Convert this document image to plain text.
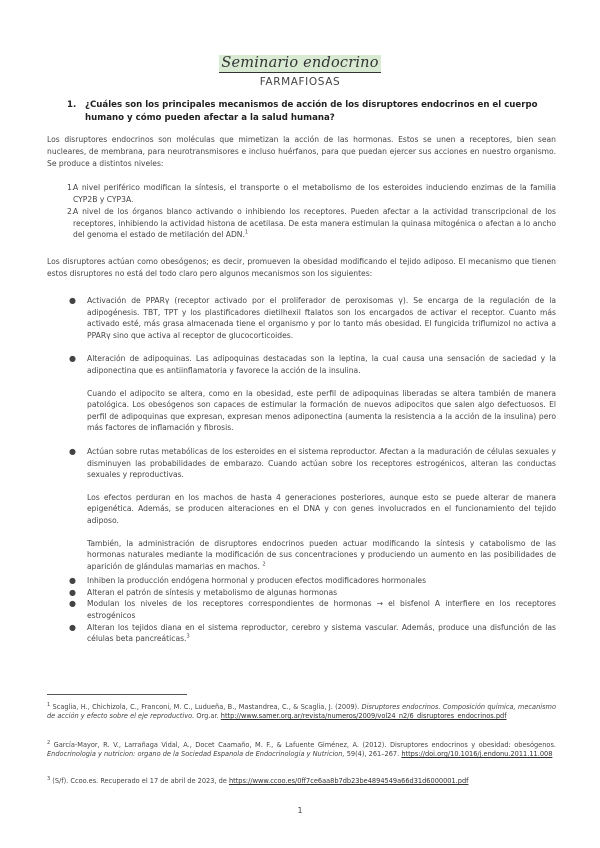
Seminario endocrino
FARMAFIOSAS
1. ¿Cuáles son los principales mecanismos de acción de los disruptores endocrinos en el cuerpo humano y cómo pueden afectar a la salud humana?
Los disruptores endocrinos son moléculas que mimetizan la acción de las hormonas. Estos se unen a receptores, bien sean nucleares, de membrana, para neurotransmisores e incluso huérfanos, para que puedan ejercer sus acciones en nuestro organismo. Se produce a distintos niveles:
1.
A nivel periférico modifican la síntesis, el transporte o el metabolismo de los esteroides induciendo enzimas de la familia CYP2B y CYP3A.
2.
A nivel de los órganos blanco activando o inhibiendo los receptores. Pueden afectar a la actividad transcripcional de los receptores, inhibiendo la actividad histona de acetilasa. De esta manera estimulan la quinasa mitogénica o afectan a lo ancho del genoma el estado de metilación del ADN.$^1$
Los disruptores actúan como obesógenos; es decir, promueven la obesidad modificando el tejido adiposo. El mecanismo que tienen estos disruptores no está del todo claro pero algunos mecanismos son los siguientes:
● Activación de PPARγ (receptor activado por el proliferador de peroxisomas γ). Se encarga de la regulación de la adipogénesis. TBT, TPT y los plastificadores dietilhexil ftalatos son los encargados de activar el receptor. Cuanto más activado esté, más grasa almacenada tiene el organismo y por lo tanto más obesidad. El fungicida triflumizol no activa a PPARγ sino que activa al receptor de glucocorticoides.
● Alteración de adipoquinas. Las adipoquinas destacadas son la leptina, la cual causa una sensación de saciedad y la adiponectina que es antiinflamatoria y favorece la acción de la insulina.
Cuando el adipocito se altera, como en la obesidad, este perfil de adipoquinas liberadas se altera también de manera patológica. Los obesógenos son capaces de estimular la formación de nuevos adipocitos que salen algo defectuosos. El perfil de adipoquinas que expresan, expresan menos adiponectina (aumenta la resistencia a la acción de la insulina) pero más factores de inflamación y fibrosis.
● Actúan sobre rutas metabólicas de los esteroides en el sistema reproductor. Afectan a la maduración de células sexuales y disminuyen las probabilidades de embarazo. Cuando actúan sobre los receptores estrogénicos, alteran las conductas sexuales y reproductivas.
Los efectos perduran en los machos de hasta 4 generaciones posteriores, aunque esto se puede alterar de manera epigenética. Además, se producen alteraciones en el DNA y con genes involucrados en el funcionamiento del tejido adiposo.
También, la administración de disruptores endocrinos pueden actuar modificando la síntesis y catabolismo de las hormonas naturales mediante la modificación de sus concentraciones y produciendo un aumento en las posibilidades de aparición de glándulas mamarias en machos. $^2$
● Inhiben la producción endógena hormonal y producen efectos modificadores hormonales
● Alteran el patrón de síntesis y metabolismo de algunas hormonas
● Modulan los niveles de los receptores correspondientes de hormonas → el bisfenol A interfiere en los receptores estrogénicos
● Alteran los tejidos diana en el sistema reproductor, cerebro y sistema vascular. Además, produce una disfunción de las células beta pancreáticas.$^3$
$^1$ Scaglia, H., Chichizola, C., Franconi, M. C., Ludueña, B., Mastandrea, C., & Scaglia, J. (2009). Disruptores endocrinos. Composición química, mecanismo de acción y efecto sobre el eje reproductivo. Org.ar. http://www.samer.org.ar/revista/numeros/2009/vol24_n2/6_disruptores_endocrinos.pdf
$^2$ García-Mayor, R. V., Larrañaga Vidal, A., Docet Caamaño, M. F., & Lafuente Giménez, A. (2012). Disruptores endocrinos y obesidad: obesógenos. Endocrinologia y nutricion: organo de la Sociedad Espanola de Endocrinologia y Nutricion, 59(4), 261–267. https://doi.org/10.1016/j.endonu.2011.11.008
$^3$ (S/f). Ccoo.es. Recuperado el 17 de abril de 2023, de https://www.ccoo.es/0ff7ce6aa8b7db23be4894549a66d31d6000001.pdf
1
